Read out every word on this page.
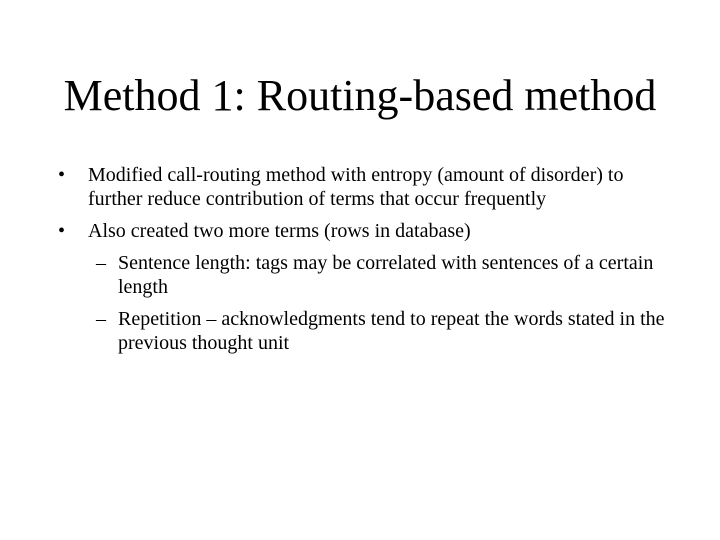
Method 1: Routing-based method
•	Modified call-routing method with entropy (amount of disorder) to further reduce contribution of terms that occur frequently
•	Also created two more terms (rows in database)
– Sentence length: tags may be correlated with sentences of a certain length
– Repetition – acknowledgments tend to repeat the words stated in the previous thought unit
